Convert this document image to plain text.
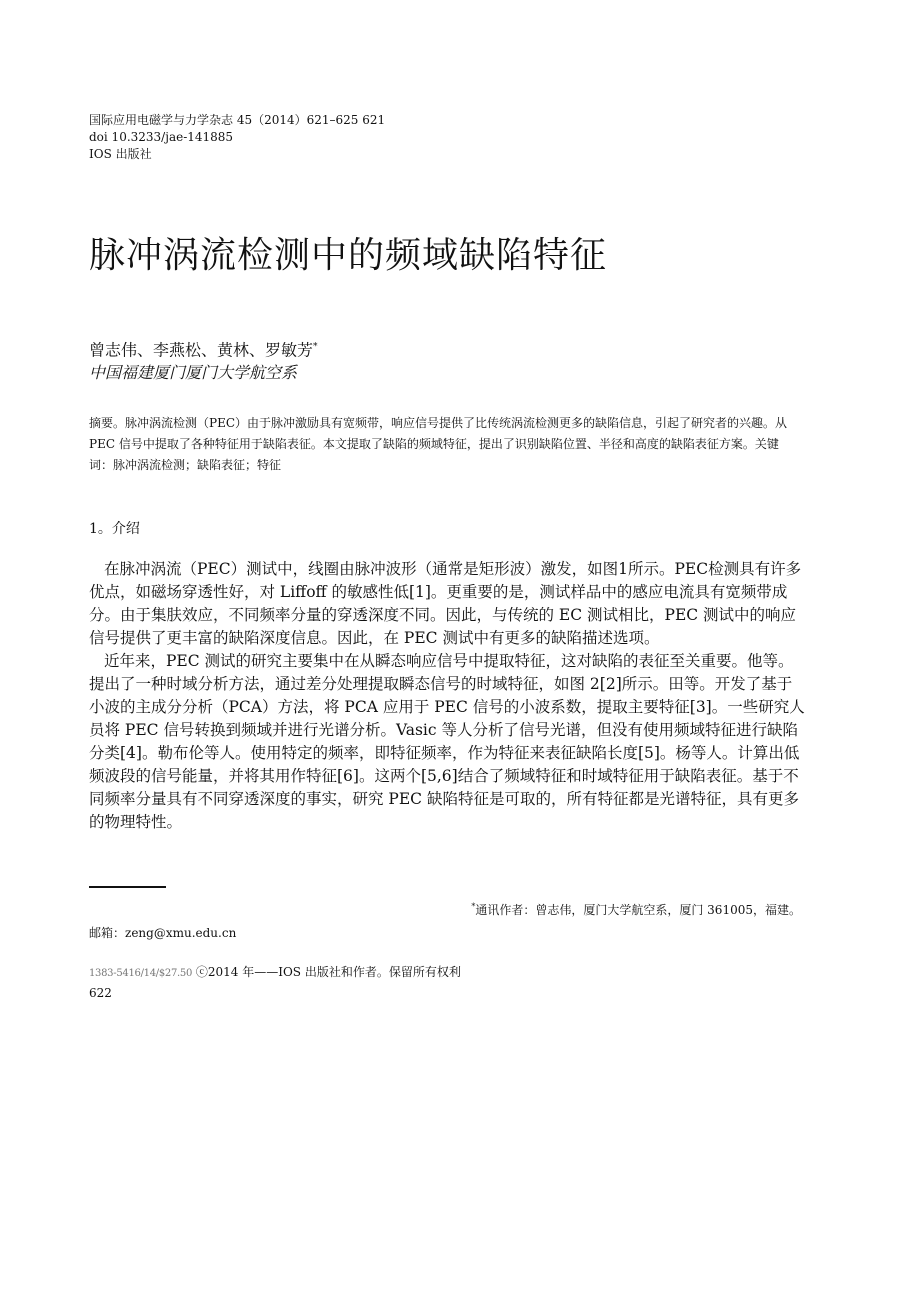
国际应用电磁学与力学杂志 45（2014）621–625 621
doi 10.3233/jae-141885
IOS 出版社
脉冲涡流检测中的频域缺陷特征
曾志伟、李燕松、黄林、罗敏芳*
中国福建厦门厦门大学航空系

摘要。脉冲涡流检测（PEC）由于脉冲激励具有宽频带，响应信号提供了比传统涡流检测更多的缺陷信息，引起了研究者的兴趣。从 PEC 信号中提取了各种特征用于缺陷表征。本文提取了缺陷的频域特征，提出了识别缺陷位置、半径和高度的缺陷表征方案。关键词：脉冲涡流检测；缺陷表征；特征

1。介绍

在脉冲涡流（PEC）测试中，线圈由脉冲波形（通常是矩形波）激发，如图1所示。PEC检测具有许多优点，如磁场穿透性好，对 Liffoff 的敏感性低[1]。更重要的是，测试样品中的感应电流具有宽频带成分。由于集肤效应，不同频率分量的穿透深度不同。因此，与传统的 EC 测试相比，PEC 测试中的响应信号提供了更丰富的缺陷深度信息。因此，在 PEC 测试中有更多的缺陷描述选项。

近年来，PEC 测试的研究主要集中在从瞬态响应信号中提取特征，这对缺陷的表征至关重要。他等。提出了一种时域分析方法，通过差分处理提取瞬态信号的时域特征，如图 2[2]所示。田等。开发了基于小波的主成分分析（PCA）方法，将 PCA 应用于 PEC 信号的小波系数，提取主要特征[3]。一些研究人员将 PEC 信号转换到频域并进行光谱分析。Vasic 等人分析了信号光谱，但没有使用频域特征进行缺陷分类[4]。勒布伦等人。使用特定的频率，即特征频率，作为特征来表征缺陷长度[5]。杨等人。计算出低频波段的信号能量，并将其用作特征[6]。这两个[5,6]结合了频域特征和时域特征用于缺陷表征。基于不同频率分量具有不同穿透深度的事实，研究 PEC 缺陷特征是可取的，所有特征都是光谱特征，具有更多的物理特性。

*通讯作者：曾志伟，厦门大学航空系，厦门 361005，福建。
邮箱：zeng@xmu.edu.cn
1383-5416/14/$27.50 ⓒ2014 年——IOS 出版社和作者。保留所有权利
622
